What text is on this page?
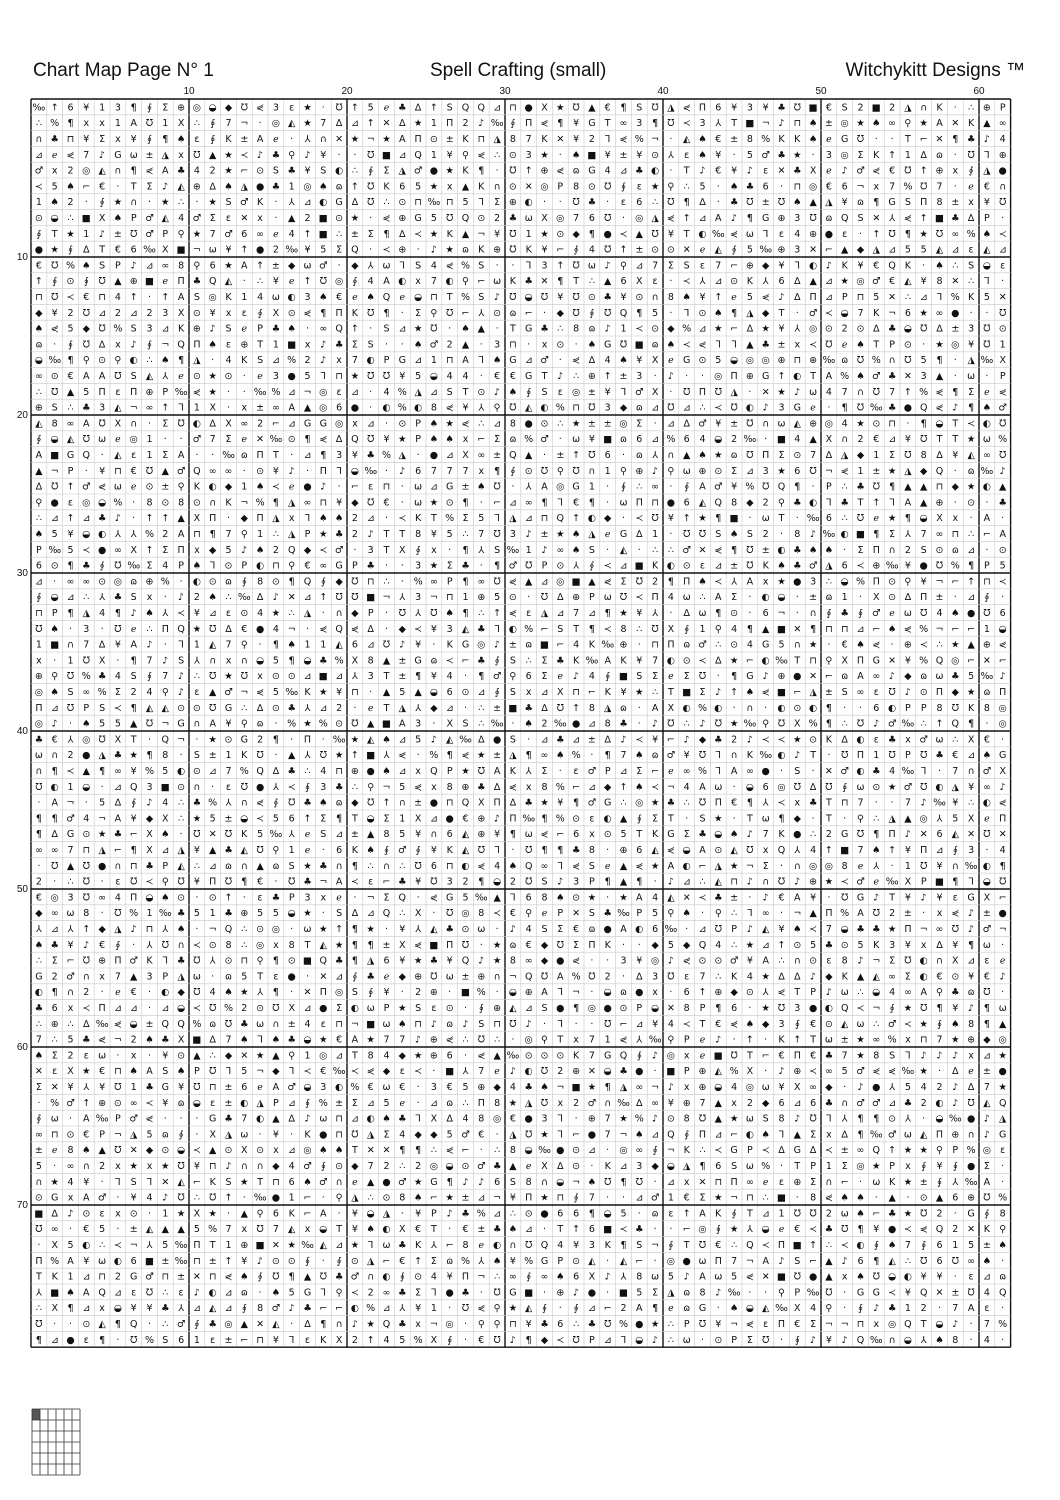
Chart Map Page N° 1	Spell Crafting (small)	Witchykitt Designs ™
‰ ↑ 6 ¥ 1 3 ¶ ∮ Σ ⊕ ◎ ◒ ◆ ᘮ ⋞ 3 ε ★ · ᘮ ↑ 5 ℯ ♣ ∆ ↑ S Q Q ⊿ ⊓ ● X ★ ᘮ ▲ € ¶ S ᘮ ◮ ⋞ Π 6 ¥ 3 ¥ ♣ ᘮ ■ € S 2 ■ 2 ◮ ∩ K · ∴ ⊕ P
∴ % ¶ x x 1 A ᘮ 1 X ∴ ∮ 7 ¬ · ◎ ◭ ★ 7 ∆ ⊿ ↑ ✕ ∆ ★ 1 Π 2 ♪ ‰ ∮ Π ⋞ ¶ ¥ G T ∞ 3 ¶ ᘮ ≺ 3 ⅄ T ■ ¬ ♪ ⊓ ♠ ± ◎ ★ ♠ ∞ ⚲ ★ A ✕ K ▲ ∞
∩ ♣ ⊓ ¥ Σ x ¥ ∮ ¶ ♠ ε ∮ K ± A ℯ · ⅄ ∩ ✕ ★ ¬ ★ A Π ⊙ ± K ⊓ ◮ 8 7 K ✕ ¥ 2 ⅂ ⋞ % ¬ · ◭ ♠ € ± 8 % K K ♠ ℯ G ᘮ · · T ⌐ ✕ ¶ ♣ ♪ 4
⊿ ℯ ⋞ 7 ♪ G ω ± ◮ x ᘮ ▲ ★ ≺ ♪ ♣ ⚲ ♪ ¥ · · ᘮ ■ ⊿ Q 1 ¥ ⚲ ⋞ ∴ ⊙ 3 ★ · ♠ ■ ¥ ± ¥ ⊙ ⅄ ε ♠ ¥ · 5 ♂ ♣ ★ · 3 ◎ Σ K ↑ 1 ∆ ɷ · ᘮ ⅂ ⊕
♂ x 2 ◎ ◭ ∩ ¶ ⋞ A ♣ 4 2 ★ ⌐ ⊙ S ♣ ¥ S ◐ ∴ ∮ Σ ◮ ♂ ● ★ K ¶ · ᘮ ↑ ⊕ ⋞ ɷ G 4 ⊿ ♣ ◐ · T ♪ € ¥ ♪ ε ✕ ♣ X ℯ ♪ ♂ ⋞ € ᘮ ↑ ⊕ x ∮ ◮ ●
≺ 5 ♠ ⌐ € · T Σ ♪ ◭ ⊕ ∆ ♠ ◮ ● ♣ 1 ◎ ♠ ɷ ↑ ᘮ K 6 5 ★ x ▲ K ∩ ⊙ ✕ ◎ P 8 ⊙ ᘮ ∮ ε ★ ⚲ ∴ 5 · ♠ ♣ 6 · ⊓ ◎ € 6 ¬ x 7 % ᘮ 7 · ℯ € ∩
1 ♠ 2 · ∮ ★ ∩ · ★ ∴ · ★ S ♂ K · ⅄ ⊿ ◐ G ∆ ᘮ ∴ ⊙ ⊓ ‰ ⊓ 5 ⅂ Σ ⊕ ◐ · · ᘮ ♣ · ε 6 ∴ ᘮ ¶ ∆ · ♣ ᘮ ± ᘮ ♠ ▲ ◮ ¥ ɷ ¶ G S Π 8 ± x ¥ ᘮ
⊙ ◒ ∴ ■ X ♠ P ♂ ◭ 4 ♂ Σ ε ✕ x · ▲ 2 ■ ⊙ ★ · ⋞ ⊕ G 5 ᘮ Q ⊙ 2 ♣ ω X ◎ 7 6 ᘮ · ◎ ◮ ⋞ ↑ ⊿ A ♪ ¶ G ⊕ 3 ᘮ ɷ Q S ✕ ⅄ ⋞ ↑ ■ ♣ ∆ P ·
∮ T ★ 1 ♪ ± ᘮ ♂ P ⚲ ★ 7 ♂ 6 ∞ ℯ 4 ↑ ■ ∴ ± Σ ¶ ∆ ≺ ★ K ▲ ¬ ¥ ᘮ 1 ★ ⊙ ◆ ¶ ● ≺ ▲ ᘮ ¥ T ◐ ‰ ⋞ ω ⅂ ε 4 ⊕ ● ε · ↑ ᘮ ¶ ★ ᘮ ∞ % ♠ ≺
● ★ ∮ ∆ T € 6 ‰ X ■ ¬ ω ¥ ↑ ● 2 ‰ ¥ 5 Σ Q · ≺ ⊕ · ♪ ★ ɷ K ⊕ ᘮ K ¥ ⌐ ∮ 4 ᘮ ↑ ± ⊙ ⊙ ✕ ℯ ◭ ∮ 5 ‰ ⊕ 3 ✕ ⌐ ▲ ◆ ◮ ⊿ 5 5 ◭ ⊿ ε ◭ ⊿
€ ᘮ % ♠ S P ♪ ⊿ ∞ 8 ⚲ 6 ★ A ↑ ± ◆ ω ♂ · ◆ ⅄ ω ⅂ S 4 ⋞ % S · · ⅂ 3 ↑ ᘮ ω ♪ ⚲ ⊿ 7 Σ S ε 7 ⌐ ⊕ ◆ ¥ ⅂ ◐ ♪ K ¥ € Q K · ♠ ∴ S ◒ ε
↑ ∮ ⊙ ∮ ᘮ ▲ ⊕ ■ ℯ Π ♣ Q ◭ · ∴ ¥ ℯ ↑ ᘮ ◎ ∮ 4 A ◐ x 7 ◐ ⚲ ⌐ ω K ♣ ✕ ¶ T ∴ ▲ 6 X ε · ≺ ⅄ ⊿ ⊙ K ⅄ 6 ∆ ▲ ⊿ ★ ◎ ♂ € ◭ ¥ 8 ✕ ∴ ⅂ ·
⊓ ᘮ ≺ € ⊓ 4 ↑ · ↑ A S ◎ K 1 4 ω ◐ 3 ♠ € ℯ ♠ Q ℯ ◒ ⊓ T % S ♪ ᘮ ◒ ᘮ ¥ ᘮ ⊙ ♣ ¥ ⊙ ∩ 8 ♠ ¥ ↑ ℯ 5 ⋞ ♪ ∆ Π ⊿ P ⊓ 5 ✕ ∴ ⊿ ⅂ % K 5 ✕
◆ ¥ 2 ᘮ ⊿ 2 ⊿ 2 3 X ⊙ ¥ x ε ∮ X ⊙ ⋞ ¶ Π K ᘮ ¶ · Σ ⚲ ᘮ ⌐ ⅄ ⊙ ɷ ⌐ · ◆ ᘮ ∮ ᘮ Q ¶ 5 · ⅂ ⊙ ♠ ¶ ◮ ◆ T · ♂ ≺ ◒ 7 K ¬ 6 ★ ∞ ● · · ᘮ
♠ ⋞ 5 ◆ ᘮ % S 3 ⊿ K ⊕ ♪ S ℯ P ♣ ♠ · ∞ Q ↑ · S ⊿ ★ ᘮ · ♠ ▲ · T G ♣ ∴ 8 ɷ ♪ 1 ≺ ⊙ ◆ % ⊿ ★ ⌐ ∆ ★ ¥ ⅄ ◎ ⊙ 2 ⊙ ∆ ♣ ◒ ᘮ ∆ ± 3 ᘮ ⊙
ɷ · ∮ ᘮ ∆ x ♪ ∮ ¬ Q Π ♠ ε ⊕ T 1 ■ x ♪ ♣ Σ S · · ♠ ♂ 2 ▲ · 3 ⊓ · x ⊙ · ♠ G ᘮ ■ ɷ ♠ ≺ ⋞ ⅂ ⅂ ▲ ♣ ± x ≺ ᘮ ℯ ♠ T P ⊙ · ★ ◎ ¥ ᘮ 1
◒ ‰ ¶ ⚲ ⊙ ⚲ ◐ ∴ ♠ ¶ ◮ · 4 K S ⊿ % 2 ♪ x 7 ◐ P G ⊿ 1 ⊓ A ⅂ ♠ G ⊿ ♂ · ⋞ ∆ 4 ♠ ¥ X ℯ G ⊙ 5 ◒ ◎ ◎ ⊕ ⊓ ⊕ ‰ ɷ ᘮ % ∩ ᘮ 5 ¶ · ◮ ‰ X
∞ ⊙ € A A ᘮ S ◭ ⅄ ℯ ⊙ ★ ⊙ · ℯ 3 ● 5 ⅂ ⊓ ★ ᘮ ᘮ ¥ 5 ◒ 4 4 · € € G T ♪ ∴ ⊕ ↑ ± 3 · ♪ · · ◎ Π ⊕ G ↑ ◐ T A % ♠ ♂ ♣ ✕ 3 ▲ · ω · P
∴ ᘮ ▲ 5 Π ε Π ⊕ P ‰ ⋞ ★ · · ‰ % ⊿ ¬ ◎ ε ⊿ · 4 % ◮ ⊿ S T ⊙ ♪ ♠ ∮ S ε ◎ ± ¥ ⅂ ♂ X · ᘮ Π ᘮ ◮ · ✕ ★ ♪ ω 4 7 ∩ ᘮ 7 ↑ % ⋞ ¶ Σ ℯ ⋞
⊕ S ∴ ♣ 3 ◭ ¬ ∞ ↑ ⅂ 1 X · x ± ∞ A ▲ ◎ 6 ● · ◐ % ◐ 8 ⋞ ¥ ⅄ ⚲ ᘮ ◭ ◐ % ⊓ ᘮ 3 ◆ ɷ ⊿ ᘮ ⊿ ∴ ≺ ᘮ ◐ ♪ 3 G ℯ · ¶ ᘮ ‰ ♣ ● Q ⋞ ♪ ¶ ♠ ♂
◭ 8 ∞ A ᘮ X ∩ · Σ ᘮ ◐ ∆ X ∞ 2 ⌐ ⊿ G G ◎ x ⊿ · ⊙ P ♠ ★ ⋞ ∴ ⊿ 8 ● ⊙ ∴ ★ ± ± ◎ Σ · ⊿ ∆ ♂ ¥ ± ᘮ ∩ ω ◭ ⊕ ◎ 4 ★ ⊙ ⊓ · ¶ ◒ T ≺ ◐ ᘮ
∮ ◒ ◭ ᘮ ω ℯ ◎ 1 · · ♂ 7 Σ ℯ ✕ ‰ ⊙ ¶ ⋞ ∆ Q ᘮ ¥ ★ P ♠ ♠ x ⌐ Σ ɷ % ♂ · ω ¥ ■ ɷ 6 ⊿ % 6 4 ◒ 2 ‰ · ■ 4 ▲ X ∩ 2 € ⊿ ¥ ᘮ T T ★ ω %
A ■ G Q · ◭ ε 1 Σ A · · ‰ ɷ Π T · ⊿ ¶ 3 ¥ ♣ % ◮ · ● ⊿ X ∞ ± Q ▲ · ± ↑ ᘮ 6 · ɷ ⅄ ∩ ▲ ♠ ★ ɷ ᘮ Π Σ ⊙ 7 ∆ ◮ ◆ 1 Σ ᘮ 8 ∆ ¥ ◭ ∞ ᘮ
▲ ¬ P · ¥ ⊓ € ᘮ ▲ ♂ Q ∞ ∞ · ⊙ ¥ ♪ · Π ⅂ ◒ ‰ · ♪ 6 7 7 7 x ¶ ∮ ⊙ ᘮ ⚲ ᘮ ∩ 1 ⚲ ⊕ ♪ ⚲ ω ⊕ ⊙ Σ ⊿ 3 ★ 6 ᘮ ¬ ⋞ 1 ± ★ ◮ ◆ Q · ɷ ‰ ♪
∆ ᘮ ↑ ♂ ⋞ ω ℯ ⊙ ± ⚲ K ◐ ◆ 1 ♠ ≺ ℯ ● ♪ · ⌐ ε ⊓ · ω ⊿ G ± ♠ ᘮ · ⅄ A ◎ G 1 · ∮ ∴ ∞ · ∮ A ♂ ¥ % ᘮ Q ¶ · P ∴ ♣ ᘮ ¶ ▲ ▲ ⊓ ◆ ★ ◐ ▲
⚲ ● ε ◎ ◒ % · 8 ⊙ 8 ⊙ ∩ K ¬ % ¶ ◮ ∞ ⊓ ¥ ◆ ᘮ € · ω ★ ⊙ ¶ · ⌐ ⊿ ∞ ¶ ⅂ € ¶ · ω Π ⊓ ● 6 ◭ Q 8 ◆ 2 ⚲ ♣ ◐ ⅂ ♣ T ↑ ⅂ A ▲ ⊕ · ⊙ · ♣
∴ ⊿ ↑ ⊿ ♣ ♪ · ↑ ↑ ▲ X Π · ◆ Π ◮ x ⅂ ♠ ♠ 2 ⊿ · ≺ K T % Σ 5 ⅂ ◮ ⊿ ⊓ Q ↑ ◐ ◆ · ≺ ᘮ ¥ ↑ ★ ¶ ■ · ω T · ‰ 6 ∴ ᘮ ℯ ★ ¶ ◒ X x · A ·
♠ 5 ¥ ◒ ◐ ⅄ ⅄ % 2 A ⊓ ¶ 7 ⚲ 1 ∴ ◮ P ★ ♣ 2 ♪ T T 8 ¥ 5 ∴ 7 ᘮ 3 ♪ ± ★ ♠ ◮ ℯ G ∆ 1 · ᘮ ᘮ S ♠ S 2 · 8 ♪ ‰ ◐ ■ ¶ Σ ⅄ 7 ∞ ⊓ ∴ ⌐ A
P ‰ 5 ≺ ● ∞ X ↑ Σ Π x ◆ 5 ♪ ♠ 2 Q ◆ ≺ ♂ · 3 T X ∮ x · ¶ ⅄ S ‰ 1 ♪ ∞ ♠ S · ◭ · ∴ ∴ ♂ ✕ ⋞ ¶ ᘮ ± ◐ ♣ ♠ ♠ · Σ Π ∩ 2 S ⊙ ɷ ⊿ · ⊙
6 ⊙ ¶ ♣ ∮ ᘮ ‰ Σ 4 P ♠ ⅂ ⊙ P ◐ ⊓ ⚲ € ∞ G P ♣ · · 3 ★ Σ ♣ · ¶ ♂ ᘮ P ⊙ ⅄ ∮ ≺ ⊿ ■ K ◐ ⊙ ε ⊿ ± ᘮ K ♠ ♣ ♂ ◮ 6 ≺ ⊕ ‰ ¥ ● ᘮ % ¶ P 5
⊿ · ∞ ∞ ⊙ ◎ ɷ ⊕ % · ◐ ⊙ ɷ ∮ 8 ⊙ ¶ Q ∮ ◆ ᘮ ⊓ ∴ · % ∞ P ¶ ∞ ᘮ ⋞ ▲ ⊿ ◎ ■ ▲ ⋞ Σ ᘮ 2 ¶ Π ♠ ≺ ⅄ A x ★ ● 3 ∴ ◒ % Π ⊙ ⚲ ¥ ¬ ⌐ ↑ ⊓ ≺
∮ ◒ ⊿ ∴ ⅄ ♣ S x · ♪ 2 ♠ ∴ ‰ ∆ ♪ ✕ ⊿ ↑ ᘮ ᘮ ■ ¬ ⅄ 3 ¬ ⊓ 1 ⊕ 5 ⊙ · ᘮ ∆ ⊕ P ω ᘮ ≺ Π 4 ω ∴ A Σ · ◐ ◒ · ± ɷ 1 · X ⊙ ∆ Π ± · ⊿ ∮ ·
⊓ P ¶ ◮ 4 ¶ ♪ ♠ ⅄ ≺ ¥ ⊿ ε ⊙ 4 ★ ∴ ◮ · ∩ ◆ P · ᘮ ⅄ ᘮ ♠ ¶ ∴ ↑ ⋞ ε ◮ ⊿ 7 ⊿ ¶ ★ ¥ ⅄ · ∆ ω ¶ ⊙ · 6 ¬ · ∩ ∮ ♣ ∮ ♂ ℯ ω ᘮ 4 ♠ ● ᘮ 6
ᘮ ♠ · 3 · ᘮ ℯ ∴ Π Q ★ ᘮ ∆ € ● 4 ¬ · ⋞ Q ⋞ ∆ · ◆ ≺ ¥ 3 ◭ ♣ ⅂ ◐ % ⌐ S T ¶ ≺ 8 ∴ ᘮ X ∮ 1 ⚲ 4 ¶ ▲ ■ ✕ ¶ ⊓ ⊓ ⊿ ⌐ ♠ ⋞ % ¬ ⌐ ⌐ 1 ◒
1 ■ ∩ 7 ∆ ¥ A ♪ · ⅂ 1 ◭ 7 ⚲ · ¶ ♠ 1 1 ◭ 6 ⊿ ᘮ ♪ ¥ · K G ◎ ♪ ± ɷ ■ ⌐ 4 K ‰ ⊕ · ⊓ Π ɷ ♂ ∴ ⊙ 4 G 5 ∩ ★ · € ♠ ⋞ · ⊕ ≺ ∴ ★ ▲ ⊕ ⋞
x · 1 ᘮ X · ¶ 7 ♪ S ⅄ ∩ x ∩ ◒ 5 ¶ ◒ ♣ % X 8 ▲ ± G ɷ ≺ ⌐ ♣ ∮ S ∴ Σ ♣ K ‰ A K ¥ 7 ◐ ⊙ ≺ ∆ ★ ⌐ ◐ ‰ T ⊓ ⚲ X Π G ✕ ¥ % Q ◎ ⌐ ✕ ⌐
⊕ ⚲ ᘮ % ♣ 4 S ∮ 7 ♪ ∴ ᘮ ★ ᘮ x ⊙ ⊙ ⊿ ■ ⊿ ⅄ 3 T ± ¶ ¥ 4 · ¶ ♂ ⚲ 6 Σ ℯ ♪ 4 ∮ ■ S Σ ℯ Σ ᘮ · ¶ G ♪ ⊕ ● ✕ ⌐ ɷ A ∞ ♪ ◆ ɷ ω ♣ 5 ‰ ♪
◎ ♠ S ∞ % Σ 2 4 ⚲ ♪ ε ▲ ♂ ¬ ⋞ 5 ‰ K ★ ¥ ⊓ · ▲ 5 ▲ ◒ 6 ⊙ ⊿ ∮ S x ⊿ X ⊓ ⌐ K ¥ ★ ∴ T ■ Σ ♪ ↑ ♠ ⋞ ■ ⌐ ◮ ± S ∞ ε ᘮ ♪ ⊙ Π ◆ ★ ɷ Π
Π ⊿ ᘮ P S ≺ ¶ ◭ ◭ ⊙ ⊙ ᘮ G ∴ ∆ ⊙ ♣ ⅄ ⊿ 2 · ℯ T ◮ ⅄ ◆ ⊿ · ∴ ± ■ ♣ ∆ ᘮ ↑ 8 ◮ ɷ · A X ◐ % ◐ · ∩ · ◐ ⊙ ◐ ¶ · · 6 ◐ P P 8 ᘮ K 8 ◎
◎ ♪ · ♠ 5 5 ▲ ᘮ ¬ G ∩ A ¥ ⚲ ɷ · % ★ % ⊙ ᘮ ▲ ■ A 3 · X S ∴ ‰ · ♠ 2 ‰ ● ⊿ 8 ♣ · ♪ ᘮ ∴ ♪ ᘮ ★ ‰ ⚲ ᘮ X % ¶ ∴ ᘮ ♪ ♂ ‰ ∴ ↑ Q ¶ · ◎
♣ € ⅄ ◎ ᘮ X T · Q ¬ · ★ ⊙ G 2 ¶ · Π · ‰ ★ ◭ ♠ ⊿ 5 ♪ ◭ ‰ ∆ ● S · ⊿ ♣ ⊿ ± ∆ ♪ ≺ ¥ ⌐ ♪ ◆ ♣ 2 ♪ ≺ ≺ ★ ⊙ K ∆ ◐ ε ♣ x ♂ ω ∴ X € ·
ω ∩ 2 ● ◮ ♣ ★ ¶ 8 · S ± 1 K ᘮ · ▲ ⅄ ᘮ ★ ↑ ■ ⅄ ⋞ · % ¶ ⋞ ★ ± ◮ ¶ ∞ ♠ % · ¶ 7 ♠ ɷ ♂ ¥ ᘮ ⅂ ∩ K ‰ ◐ ♪ T · ᘮ Π 1 ᘮ P ᘮ ♣ € ⊿ ♠ G
∩ ¶ ≺ ▲ ¶ ∞ ¥ % 5 ◐ ⊙ ⊿ 7 % Q ∆ ♣ ∴ 4 ⊓ ⊕ ● ♠ ⊿ x Q P ★ ᘮ A K ⅄ Σ · ε ♂ P ⊿ Σ ⌐ ℯ ∞ % ⅂ A ∞ ● · S · ✕ ♂ ◐ ♣ 4 ‰ ⅂ · 7 ∩ ♂ X
ᘮ ◐ 1 ◒ · ⊿ Q 3 ■ ⊙ ∩ · ε ᘮ ● ⅄ ≺ ∮ 3 ♣ ∴ ⚲ ¬ 5 ⋞ x 8 ⊕ ♣ ∆ ⋞ x 8 % ⌐ ⊿ ◆ ↑ ♠ ≺ ¬ 4 A ω · ◒ 6 ◎ ᘮ ∆ ᘮ ∮ ω ⊙ ★ ♂ ᘮ ◐ ◮ ¥ ∞ ♪
· A ¬ · 5 ∆ ∮ ♪ 4 ∴ ♣ % ⅄ ∩ ⋞ ∮ ᘮ ♣ ♠ ɷ ◆ ᘮ ↑ ∩ ± ● ⊓ Q X Π ∆ ♣ ★ ¥ ¶ ♂ G ∴ ◎ ★ ♣ ∴ ᘮ Π € ¶ ⅄ ≺ x ♣ T ⊓ 7 · · 7 ♪ ‰ ¥ ∴ ◐ ⋞
¶ ¶ ♂ 4 ¬ A ¥ ◆ X ∴ ★ 5 ± ◒ ≺ 5 6 ↑ Σ ¶ T ◒ Σ 1 X ⊿ ● € ⊕ ♪ Π ‰ ¶ % ⊙ ε ◐ ▲ ∮ Σ T · S ★ · T ω ¶ ◆ · T · ⚲ ∴ ◮ ▲ ◎ ⅄ 5 X ℯ Π
¶ ∆ G ⊙ ★ ♣ ⌐ X ♠ · ᘮ ✕ ᘮ K 5 ‰ ⅄ ℯ S ⊿ ± ▲ 8 5 ¥ ∩ 6 ◭ ⊕ ¥ ¶ ω ⋞ ⌐ 6 x ⊙ 5 T K G Σ ♣ ◒ ♠ ♪ 7 K ● ∴ 2 G ᘮ ¶ Π ♪ ✕ 6 ◭ ✕ ᘮ ✕
∞ ∞ 7 ⊓ ◮ ⌐ ¶ X ⊿ ◮ ¥ ▲ ♣ ◭ ᘮ ⚲ 1 ℯ · 6 K ♠ ∮ ♂ ∮ ¥ K ◭ ᘮ ⅂ · ᘮ ¶ ¶ ♣ 8 · ⊕ 6 ◭ ⋞ ◒ A ⊙ ◭ ᘮ x Q ⅄ 4 ↑ ■ 7 ♠ ↑ ¥ Π ⊿ ∮ 3 · 4
· ᘮ ▲ ᘮ ● ∩ ⊓ ♣ P ◭ ∴ ⊿ ɷ ∩ ▲ ɷ S ★ ♣ ∩ ¶ ∴ ∩ ∴ ᘮ 6 ⊓ ◐ ⋞ 4 ♠ Q ∞ ⅂ ⋞ S ℯ ▲ ⋞ ★ A ◐ ⌐ ◮ ★ ¬ Σ · ∩ ◎ ◎ 8 ℯ ⅄ · 1 ᘮ ¥ ∩ ‰ ◐ ¶
2 · ∴ ᘮ · ε ᘮ ≺ ⚲ ᘮ ¥ Π ᘮ ¶ € · ᘮ ♣ ¬ A ≺ ε ⌐ ♣ ¥ ᘮ 3 2 ¶ ◒ 2 ᘮ S ♪ 3 P ¶ ▲ ¶ · ♪ ⊿ ∴ ◭ ⊓ ♪ ∩ ᘮ ♪ ⊕ ★ ≺ ♂ ℯ ‰ X P ■ ¶ ⅂ ◒ ᘮ
€ ◎ 3 ᘮ ∞ 4 Π ◒ ♠ ⊙ · ⊙ ↑ · ε ♣ P 3 x ℯ · ¬ Σ Q · ⋞ G 5 ‰ ▲ ⅂ 6 8 ♠ ⊙ ★ · ★ A 4 ◭ ✕ ≺ ♣ ± · ♪ € A ¥ · ᘮ G ♪ T ¥ ♪ ¥ ε G X ⌐
◆ ∞ ω 8 · ᘮ % 1 ‰ ♣ 5 1 ♣ ⊕ 5 5 ◒ ★ · S ∆ ⊿ Q ∴ X · ᘮ ◎ 8 ≺ € ⚲ ℯ P ✕ S ♣ ‰ P 5 ⚲ ♠ · ⚲ ∴ ⅂ ∞ · ¬ ▲ Π % A ᘮ 2 ± · x ⋞ ♪ ± ●
⅄ ⊿ ⅄ ↑ ◆ ◮ ♪ ⊓ ⅄ ♠ · ¬ Q ∴ ⊙ ◎ · ω ★ ↑ ¶ ★ · ¥ ⅄ ◭ ♣ ⊙ ω · ♪ 4 S Σ € ɷ ● A ◐ 6 ‰ · ⊿ ᘮ P ♪ ◭ ¥ ♠ ≺ 7 ◒ ♣ ♣ ★ Π ¬ ∞ ᘮ ♪ ♂ ¬
♠ ♣ ¥ ♪ € ∮ · ⅄ ᘮ ∩ ≺ ⊙ 8 ∴ ◎ x 8 T ◭ ★ ¶ ¶ ± X ⋞ ■ Π ᘮ · ★ ɷ € ◆ ᘮ Σ Π K · · ◆ 5 ◆ Q 4 ∴ ★ ⊿ ↑ ⊙ 5 ♣ ⊙ 5 K 3 ¥ x ∆ ¥ ¶ ω ·
∴ Σ ⌐ ᘮ ⊕ Π ♂ K ⅂ ♣ ᘮ ⅄ ⊙ ⊓ ⚲ ¶ ⊙ ■ Q ♣ ¶ ◮ 6 ¥ ★ ♣ ¥ Q ♪ ★ 8 ∞ ◆ ● ⋞ · · 3 ¥ ◎ ♪ ⋞ ⊙ ⊙ ♂ ¥ A ∴ ∩ ⊙ ε 8 ♪ ¬ Σ ᘮ ◐ ∩ X ⊿ ε ℯ
G 2 ♂ ∩ x 7 ▲ 3 P ◮ ω · ɷ 5 T ε ● · ✕ ⊿ ∮ ♣ ℯ ◆ ⊕ ᘮ ω ± ⊕ ∩ ¬ Q ᘮ A % ᘮ 2 · ∆ 3 ᘮ ε 7 ∴ K 4 ★ ∆ ∆ ♪ ◆ K ▲ ◭ ∞ Σ ◐ € ⊙ ¥ € ♪
◐ ¶ ∩ 2 · ℯ € · ◐ ◆ ᘮ 4 ♠ ★ ⅄ ¶ · ✕ Π ◎ S ∮ ¥ · 2 ⊕ · ■ % · ◒ ⊕ A ⅂ ¬ · ◒ ɷ ● x · 6 ↑ ⊕ ◆ ⊙ ⅄ ⋞ T P ♪ ω ∴ ◒ 4 ∞ A ⚲ ♣ ɷ ᘮ ·
♣ 6 x ≺ Π ⊿ ⊿ · ⊿ ◒ ≺ ᘮ % 2 ⊙ ᘮ X ⊿ ● Σ ◐ ω P ★ S ε ⊙ · ∮ ⊕ ◭ ⊿ S ● ¶ ◎ ● ⊙ P ◒ ✕ 8 P ¶ 6 · ★ ᘮ 3 ● ◐ Q ≺ ¬ ∮ ★ ᘮ ¶ ¥ ♪ ¶ ω
∴ ⊕ ∴ ∆ ‰ ⋞ ◒ ± Q Q % ɷ ᘮ ♣ ω ∩ ± 4 ε ⊓ ¬ ■ ω ♠ ⊓ ♪ ɷ ♪ S ⊓ ᘮ ♪ · ⅂ · · ᘮ ⌐ ⊿ ¥ 4 ≺ T € ⋞ ♠ ◆ 3 ∮ € ⊙ ◭ ω ∴ ♂ ≺ ★ ∮ ♠ 8 ¶ ▲
7 ∴ 5 ♣ ⋞ ¬ 2 ♠ ♣ X ■ ∆ 7 ♠ ⅂ ♠ ♣ ◒ ★ € A ★ 7 7 ♪ ⊕ ⋞ ∴ ᘮ ∴ · ◎ ⚲ T x 7 1 ⋞ ⅄ ‰ ⚲ P ℯ ♪ · ↑ · K ↑ T ω ± ★ ∞ % x ⊓ 7 ★ ⊕ ◆ ◎
♠ Σ 2 ε ω · x · ¥ ⊙ ▲ ∴ ◆ ✕ ★ ▲ ⚲ 1 ◎ ⊿ T 8 4 ◆ ★ ⊕ 6 · ⋞ ▲ ‰ ⊙ ⊙ ⊙ K 7 G Q ∮ ♪ ◎ x ℯ ■ ᘮ T ⌐ € Π € ♣ 7 ★ 8 S ⅂ ♪ ♪ ♪ x ⊿ ★
✕ ε X ★ € ⊓ ♠ A S ♠ P ᘮ ⅂ 5 ¬ ◆ ⅂ ≺ € ‰ ≺ ⋞ ◆ ε ≺ · ■ ⅄ 7 ℯ ♪ ◐ ᘮ 2 ⊕ ✕ ◒ ♣ ● · ■ P ⊕ ◭ % X · ♪ ⊕ ≺ ∞ 5 ♂ ⋞ ⋞ ‰ ★ · ∆ ℯ ± ●
Σ ✕ ¥ ⅄ ¥ ᘮ 1 ♣ G ¥ ᘮ ⊓ ± 6 ℯ A ♂ ◒ 3 ◐ % € ω € · 3 € 5 ⊕ ◆ 4 ♣ ♠ ¬ ■ ★ ¶ ◮ ∞ ¬ ♪ x ⊕ ◒ 4 ◎ ω ¥ X ∞ ◆ · ♪ ● ⅄ 5 4 2 ♪ ∆ 7 ★
· % ♂ ↑ ⊕ ⊙ ∞ ≺ ¥ ɷ ◒ ε ± ◐ ◮ P ⊿ ∮ % ± Σ ⊿ 5 ℯ · ⊿ ɷ ∴ Π 8 ★ ◮ ᘮ x 2 ♂ ∩ ‰ ∆ ∞ ¥ ⊕ 7 ▲ x 2 ◆ 6 ⊿ 6 ♣ ∩ ♂ ♂ ⊿ ♣ 2 ◐ ♪ ᘮ ◭ Q
∮ ω · A ‰ P ♂ ⋞ · · · G ♣ 7 ◐ ▲ ∆ ♪ ω ⊓ ⊿ ◐ ♠ ♣ ⅂ X ∆ 4 8 ◎ € ● 3 ⅂ · ⊕ 7 ★ % ♪ ⊙ 8 ᘮ ▲ ★ ω S 8 ♪ ᘮ ⅂ ⅄ ¶ ¶ ⊙ ⅄ · ◒ ‰ ● ♪ ◮
∞ ⊓ ⊙ € P ¬ ◮ 5 ɷ ∮ · X ◮ ω · ¥ · K ● ⊓ ᘮ ◮ Σ 4 ◆ ◆ 5 ♂ € · ◮ ᘮ ★ ⅂ ⌐ ● 7 ¬ ♠ ⊿ Q ∮ Π ⊿ ⌐ ◐ ♠ ⅂ ▲ Σ x ∆ ¶ ‰ ♂ ω ◭ Π ⊕ ∩ ♪ G
± ℯ 8 ♠ ▲ ᘮ ✕ ◆ ⊙ ◒ ≺ ▲ ⊙ X ⊙ x ⊿ ◎ ♠ ♠ T ✕ ✕ ¶ ¶ ∴ ⋞ ⌐ · ∴ 8 ◒ ‰ ● ⊙ ⊿ · ◎ ∞ ∮ ¬ K ∴ ≺ G P ≺ ∆ G ∆ ≺ ± ∞ Q ↑ ★ ★ ⚲ P % ◎ ε
5 · ∞ ∩ 2 x ★ x ★ ᘮ ¥ ⊓ ♪ ∩ ∩ ◆ 4 ♂ ∮ ⊙ ◆ 7 2 ∴ 2 ◎ ◒ ⊙ ♂ ♣ ▲ ℯ X ∆ ⊙ · K ⊿ 3 ◆ ◒ ◮ ¶ 6 S ω % · T P 1 Σ ◎ ★ P x ∮ ¥ ∮ ● Σ ·
∩ ★ 4 ¥ · ⅂ S ⅂ ✕ ◭ ⌐ K S ★ T ⊓ 6 ♠ ♂ ∩ ℯ ▲ ● ♂ ★ G ¶ ♪ ♪ 6 S 8 ∩ ◒ ¬ ♠ ᘮ ¶ ᘮ · ⊿ x ✕ ⊓ Π ∞ ℯ ε ⊕ Σ ∩ ⌐ · ω K ★ ± ∮ ⅄ ‰ A ·
⊙ G x A ♂ · ¥ 4 ♪ ᘮ ∴ ᘮ ↑ · ‰ ● 1 ⌐ · ⚲ ◮ ∴ ⊙ 8 ♠ ⌐ ★ ± ⊿ ¬ ¥ Π ★ ⊓ ∮ 7 · · ⊿ ♂ 1 € Σ ★ ¬ ⊓ ∴ ■ · 8 ⋞ ♠ ♠ · ▲ · ⊙ ▲ 6 ⊕ ᘮ %
■ ∆ ♪ ⊙ ε x ⊙ · 1 ★ X ★ · ▲ ⚲ 6 K ⌐ A · ¥ ◒ ◮ · ¥ P ♪ ♣ % ⊿ ∴ ⊙ ● 6 6 ¶ ◒ 5 · ɷ ε ↑ A K ∮ T ⊿ 1 ᘮ ᘮ 2 ω ♠ ⌐ ♣ ★ ᘮ 2 · G ∮ 8
ᘮ ∞ · € 5 · ± ◭ ▲ ▲ 5 % 7 x ᘮ 7 ◭ x ◒ T ¥ ♠ ◐ X € T · € ± ♣ ♠ ⊿ · T ↑ 6 ■ ≺ ♣ · · ⌐ ◎ ∮ ★ ⅄ ◒ ℯ € ≺ ♣ ᘮ ¶ ¥ ● ≺ ⋞ Q 2 ✕ K ⚲
· X 5 ◐ ∴ ≺ ¬ ⅄ 5 ‰ Π T 1 ⊕ ■ ✕ ★ ‰ ◭ ⊿ ★ ⅂ ω ♣ K ⅄ ⌐ 8 ℯ ◐ ∩ ᘮ Q 4 ¥ 3 K ¶ S ¬ ∮ T ᘮ € ∴ Q ≺ Π ■ ↑ ∴ ≺ ◐ ∮ ♠ 7 ∮ 6 1 5 ± ♠
Π % A ¥ ω ◐ 6 ■ ± ‰ ⊓ ± ↑ ¥ ♪ ⊙ ⊙ ∮ · ∮ ⊙ ◮ ⌐ € ↑ Σ ɷ % ⅄ ♠ ¥ % G P ⊙ ◭ · ◭ ⌐ · ◎ ● ω Π 7 ¬ A ♪ S ⌐ ▲ ♪ 6 ¶ ◭ ∴ ᘮ 6 ᘮ ∞ ♠ ·
T K 1 ⊿ ⊓ 2 G ♂ ⊓ ± ✕ ⊓ ⋞ ♠ ∮ ᘮ ¶ ▲ ᘮ ♣ ♂ ∩ ◐ ∮ ⊙ 4 ¥ Π ¬ ∴ ∞ ∮ ∞ ♠ 6 X ♪ ⅄ 8 ω 5 ♪ A ω 5 ⋞ ✕ ■ ᘮ ● ▲ x ♠ ᘮ ◒ ◐ ¥ ¥ · ε ⊿ ɷ
⅄ ■ ♠ A Q ⊿ ε ᘮ ∴ ε ♪ ◐ ⊿ ɷ · ♠ 5 G ⅂ ⚲ ≺ 2 ∞ ♣ Σ ⅂ ● ♣ · ᘮ G ■ · ⊕ ♪ ● · ■ 5 Σ ◮ ɷ 8 ♪ ‰ · · ⚲ P ‰ ᘮ · G G ≺ ¥ Q ✕ ± ᘮ 4 Q
∴ X ¶ ⊿ x ◒ ¥ ¥ ♣ ⅄ ⊿ ◭ ⊿ ∮ 8 ♂ ♪ ♣ ⌐ ⌐ ◐ % ⊿ ⅄ ¥ 1 · ᘮ ⋞ ⚲ ★ ◭ ∮ · ∮ ⊿ ⌐ 2 A ¶ ℯ ɷ G · ♠ ◒ ◭ ‰ X 4 ⚲ · ∮ ♪ ♣ 1 2 · 7 A ε ·
ᘮ · · ⊙ ◭ ¶ Q · ∴ ♂ ∮ ♣ ◎ ▲ ✕ ◭ · ∆ ¶ ∩ ♪ ★ Q ♣ x ¬ ◎ · ⚲ ⚲ ⊓ ¥ ♣ 6 ∴ ♣ ᘮ % ● ★ ∴ P ᘮ ¥ ¬ ⋞ ε Π € Σ ¬ ¬ ⊓ x ◎ Q T ◒ ♪ · 7 %
¶ ⊿ ● ε ¶ · ᘮ % S 6 1 ε ± ⌐ ⊓ ¥ ⅂ ε K X 2 ↑ 4 5 % X ∮ · € ᘮ ♪ ¶ ◆ ≺ ᘮ P ⊿ ⅂ ◒ ♪ ∴ ω · ⊙ P Σ ᘮ · ∮ ♪ ¥ ♪ Q ‰ ∩ ◒ ⅄ ♠ 8 · 4 ·
10	20	30	40	50	60
10
20
30
40
50
60
70
